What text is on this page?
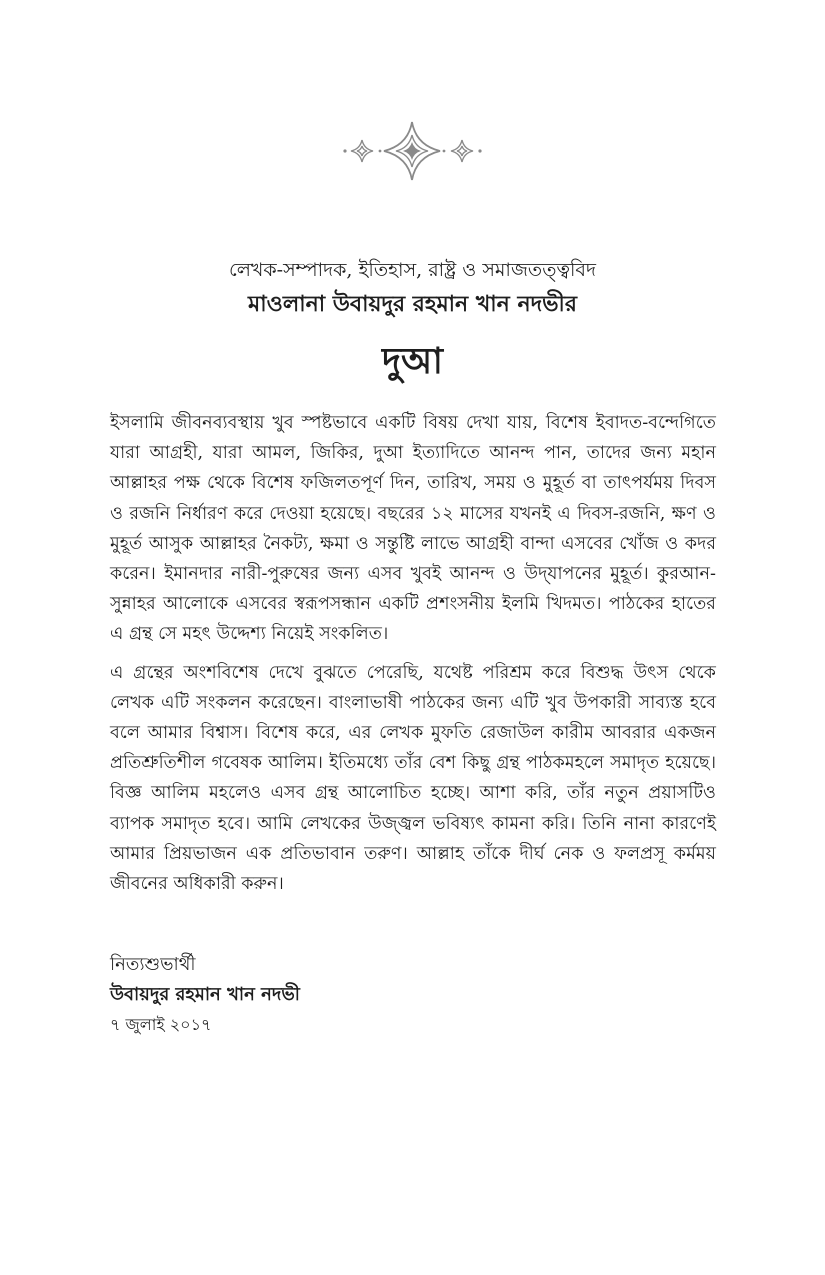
লেখক-সম্পাদক, ইতিহাস, রাষ্ট্র ও সমাজতত্ত্ববিদ
মাওলানা উবায়দুর রহমান খান নদভীর
দুআ

ইসলামি জীবনব্যবস্থায় খুব স্পষ্টভাবে একটি বিষয় দেখা যায়, বিশেষ ইবাদত-বন্দেগিতে যারা আগ্রহী, যারা আমল, জিকির, দুআ ইত্যাদিতে আনন্দ পান, তাদের জন্য মহান আল্লাহর পক্ষ থেকে বিশেষ ফজিলতপূর্ণ দিন, তারিখ, সময় ও মুহূর্ত বা তাৎপর্যময় দিবস ও রজনি নির্ধারণ করে দেওয়া হয়েছে। বছরের ১২ মাসের যখনই এ দিবস-রজনি, ক্ষণ ও মুহূর্ত আসুক আল্লাহর নৈকট্য, ক্ষমা ও সন্তুষ্টি লাভে আগ্রহী বান্দা এসবের খোঁজ ও কদর করেন। ইমানদার নারী-পুরুষের জন্য এসব খুবই আনন্দ ও উদ্‌যাপনের মুহূর্ত। কুরআন-সুন্নাহর আলোকে এসবের স্বরূপসন্ধান একটি প্রশংসনীয় ইলমি খিদমত। পাঠকের হাতের এ গ্রন্থ সে মহৎ উদ্দেশ্য নিয়েই সংকলিত।

এ গ্রন্থের অংশবিশেষ দেখে বুঝতে পেরেছি, যথেষ্ট পরিশ্রম করে বিশুদ্ধ উৎস থেকে লেখক এটি সংকলন করেছেন। বাংলাভাষী পাঠকের জন্য এটি খুব উপকারী সাব্যস্ত হবে বলে আমার বিশ্বাস। বিশেষ করে, এর লেখক মুফতি রেজাউল কারীম আবরার একজন প্রতিশ্রুতিশীল গবেষক আলিম। ইতিমধ্যে তাঁর বেশ কিছু গ্রন্থ পাঠকমহলে সমাদৃত হয়েছে। বিজ্ঞ আলিম মহলেও এসব গ্রন্থ আলোচিত হচ্ছে। আশা করি, তাঁর নতুন প্রয়াসটিও ব্যাপক সমাদৃত হবে। আমি লেখকের উজ্জ্বল ভবিষ্যৎ কামনা করি। তিনি নানা কারণেই আমার প্রিয়ভাজন এক প্রতিভাবান তরুণ। আল্লাহ তাঁকে দীর্ঘ নেক ও ফলপ্রসূ কর্মময় জীবনের অধিকারী করুন।

নিত্যশুভার্থী
উবায়দুর রহমান খান নদভী
৭ জুলাই ২০১৭
